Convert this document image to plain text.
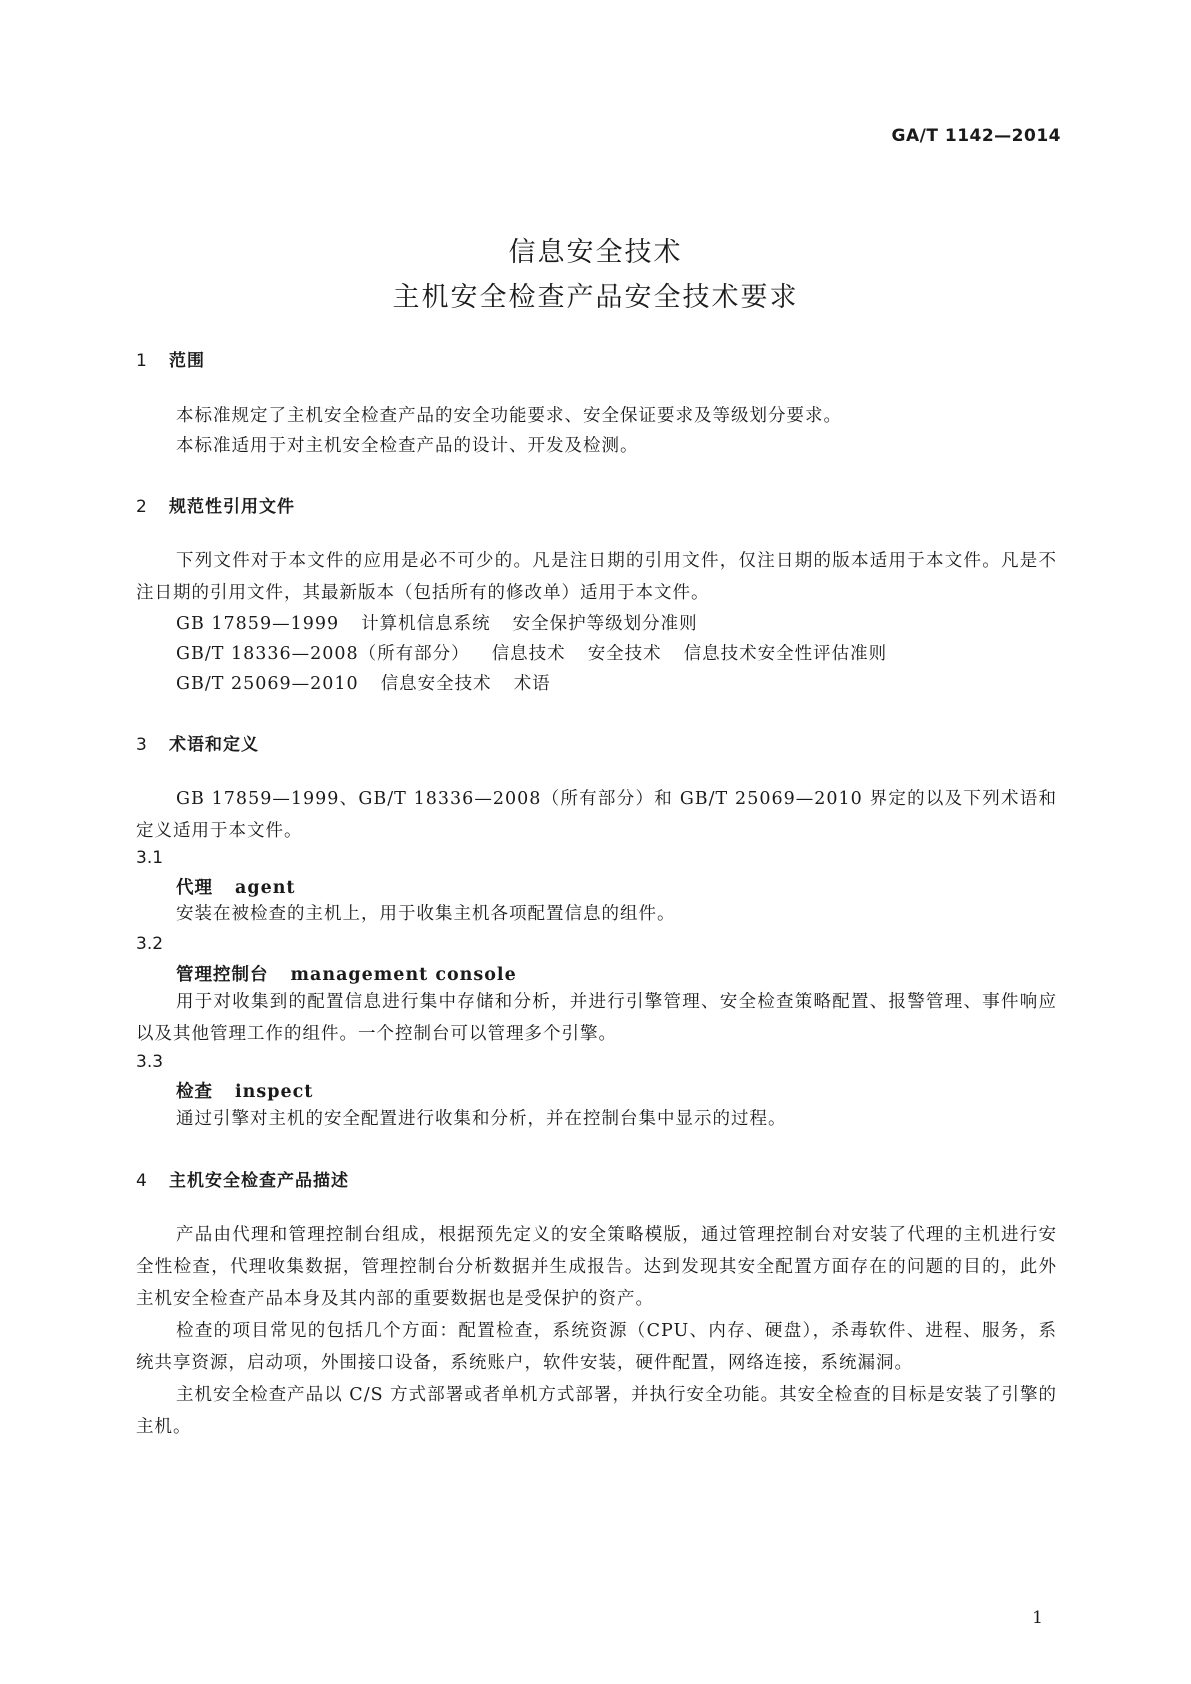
GA/T 1142—2014
信息安全技术
主机安全检查产品安全技术要求
1 范围
本标准规定了主机安全检查产品的安全功能要求、安全保证要求及等级划分要求。
本标准适用于对主机安全检查产品的设计、开发及检测。
2 规范性引用文件
下列文件对于本文件的应用是必不可少的。凡是注日期的引用文件，仅注日期的版本适用于本文件。凡是不注日期的引用文件，其最新版本（包括所有的修改单）适用于本文件。
GB 17859—1999 计算机信息系统 安全保护等级划分准则
GB/T 18336—2008（所有部分） 信息技术 安全技术 信息技术安全性评估准则
GB/T 25069—2010 信息安全技术 术语
3 术语和定义
GB 17859—1999、GB/T 18336—2008（所有部分）和 GB/T 25069—2010 界定的以及下列术语和定义适用于本文件。
3.1
代理 agent
安装在被检查的主机上，用于收集主机各项配置信息的组件。
3.2
管理控制台 management console
用于对收集到的配置信息进行集中存储和分析，并进行引擎管理、安全检查策略配置、报警管理、事件响应以及其他管理工作的组件。一个控制台可以管理多个引擎。
3.3
检查 inspect
通过引擎对主机的安全配置进行收集和分析，并在控制台集中显示的过程。
4 主机安全检查产品描述
产品由代理和管理控制台组成，根据预先定义的安全策略模版，通过管理控制台对安装了代理的主机进行安全性检查，代理收集数据，管理控制台分析数据并生成报告。达到发现其安全配置方面存在的问题的目的，此外主机安全检查产品本身及其内部的重要数据也是受保护的资产。
检查的项目常见的包括几个方面：配置检查，系统资源（CPU、内存、硬盘），杀毒软件、进程、服务，系统共享资源，启动项，外围接口设备，系统账户，软件安装，硬件配置，网络连接，系统漏洞。
主机安全检查产品以 C/S 方式部署或者单机方式部署，并执行安全功能。其安全检查的目标是安装了引擎的主机。
1
